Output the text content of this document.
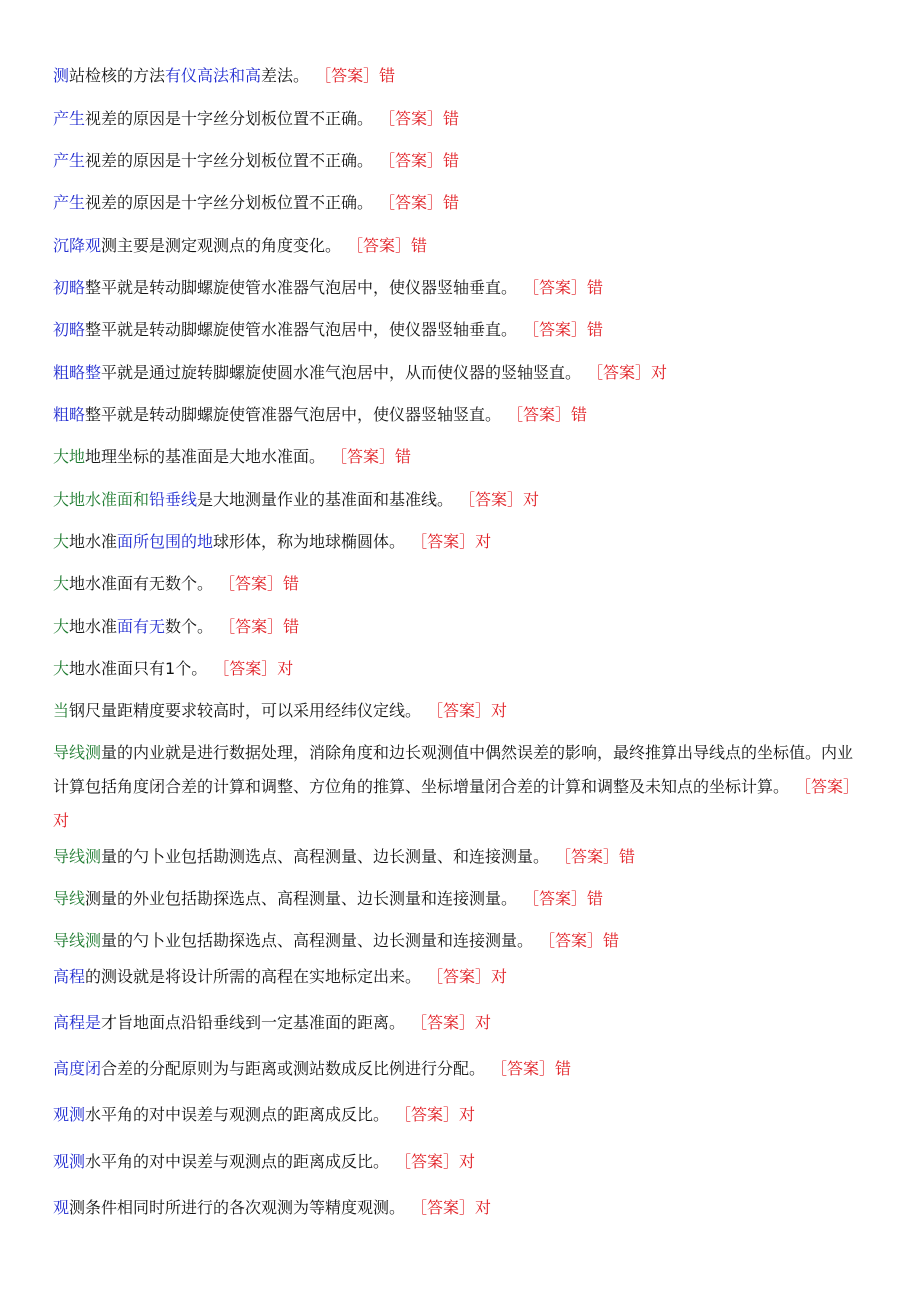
测站检核的方法有仪高法和高差法。 ［答案］错
产生视差的原因是十字丝分划板位置不正确。 ［答案］错
产生视差的原因是十字丝分划板位置不正确。 ［答案］错
产生视差的原因是十字丝分划板位置不正确。 ［答案］错
沉降观测主要是测定观测点的角度变化。 ［答案］错
初略整平就是转动脚螺旋使管水准器气泡居中，使仪器竖轴垂直。 ［答案］错
初略整平就是转动脚螺旋使管水准器气泡居中，使仪器竖轴垂直。 ［答案］错
粗略整平就是通过旋转脚螺旋使圆水准气泡居中，从而使仪器的竖轴竖直。 ［答案］对
粗略整平就是转动脚螺旋使管准器气泡居中，使仪器竖轴竖直。 ［答案］错
大地地理坐标的基准面是大地水准面。 ［答案］错
大地水准面和铅垂线是大地测量作业的基准面和基准线。 ［答案］对
大地水准面所包围的地球形体，称为地球椭圆体。 ［答案］对
大地水准面有无数个。 ［答案］错
大地水准面有无数个。 ［答案］错
大地水准面只有1个。 ［答案］对
当钢尺量距精度要求较高时，可以采用经纬仪定线。 ［答案］对
导线测量的内业就是进行数据处理，消除角度和边长观测值中偶然误差的影响，最终推算出导线点的坐标值。内业计算包括角度闭合差的计算和调整、方位角的推算、坐标增量闭合差的计算和调整及未知点的坐标计算。 ［答案］对
导线测量的勺卜业包括勘测选点、高程测量、边长测量、和连接测量。 ［答案］错
导线测量的外业包括勘探选点、高程测量、边长测量和连接测量。 ［答案］错
导线测量的勺卜业包括勘探选点、高程测量、边长测量和连接测量。 ［答案］错
高程的测设就是将设计所需的高程在实地标定出来。 ［答案］对
高程是才旨地面点沿铅垂线到一定基准面的距离。 ［答案］对
高度闭合差的分配原则为与距离或测站数成反比例进行分配。 ［答案］错
观测水平角的对中误差与观测点的距离成反比。 ［答案］对
观测水平角的对中误差与观测点的距离成反比。 ［答案］对
观测条件相同时所进行的各次观测为等精度观测。 ［答案］对
